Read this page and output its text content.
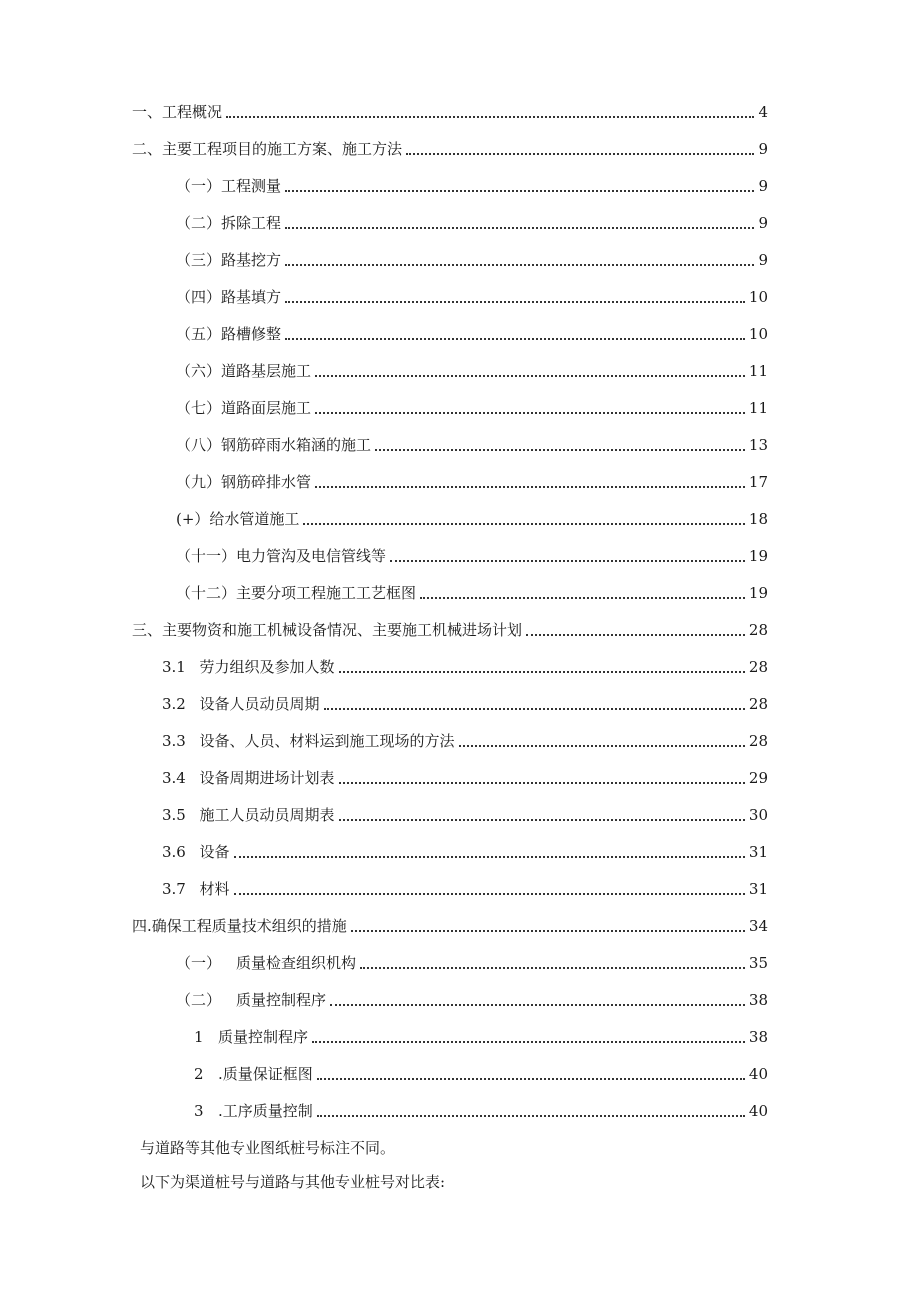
一、工程概况	4
二、主要工程项目的施工方案、施工方法	9
（一）工程测量	9
（二）拆除工程	9
（三）路基挖方	9
（四）路基填方	10
（五）路槽修整	10
（六）道路基层施工	11
（七）道路面层施工	11
（八）钢筋碎雨水箱涵的施工	13
（九）钢筋碎排水管	17
(+）给水管道施工	18
（十一）电力管沟及电信管线等	19
（十二）主要分项工程施工工艺框图	19
三、主要物资和施工机械设备情况、主要施工机械进场计划	28
3.1 劳力组织及参加人数	28
3.2 设备人员动员周期	28
3.3 设备、人员、材料运到施工现场的方法	28
3.4 设备周期进场计划表	29
3.5 施工人员动员周期表	30
3.6 设备	31
3.7 材料	31
四.确保工程质量技术组织的措施	34
（一） 质量检查组织机构	35
（二） 质量控制程序	38
1 质量控制程序	38
2 .质量保证框图	40
3 .工序质量控制	40
与道路等其他专业图纸桩号标注不同。
以下为渠道桩号与道路与其他专业桩号对比表:
